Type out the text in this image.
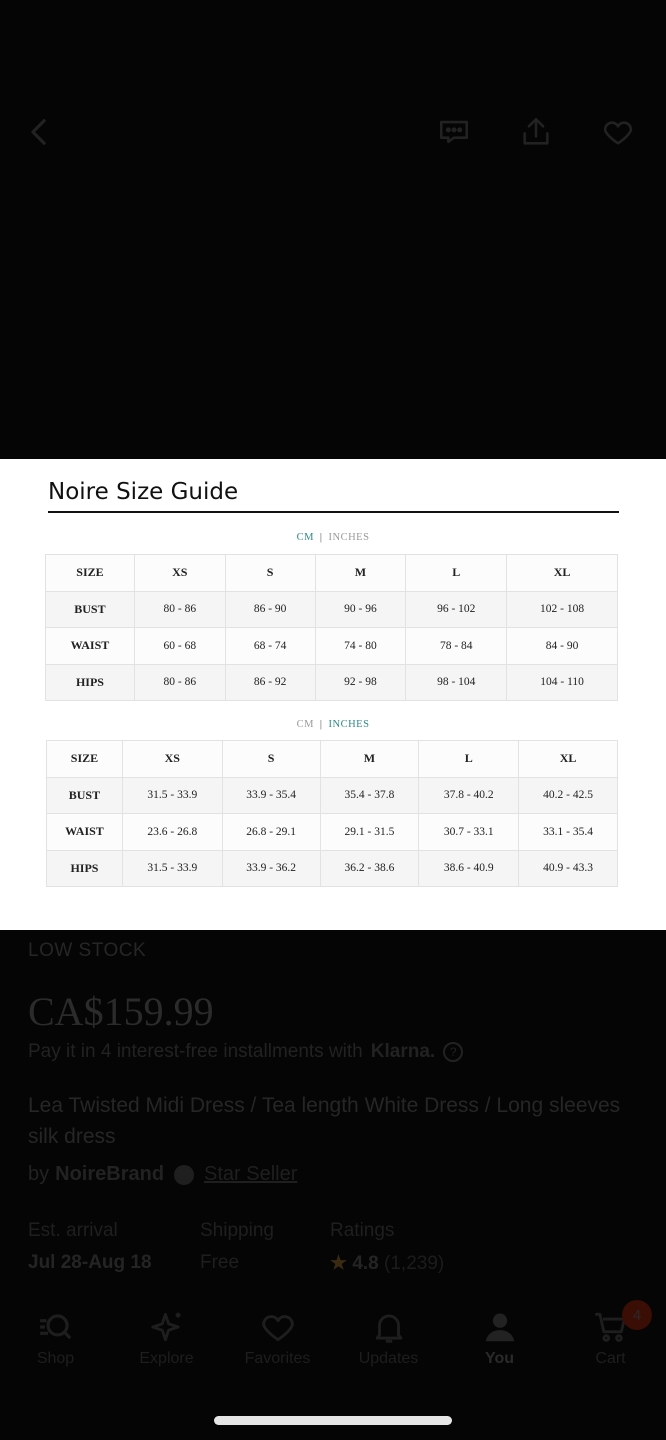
Noire Size Guide
CM | INCHES
SIZE	XS	S	M	L	XL
BUST	80 - 86	86 - 90	90 - 96	96 - 102	102 - 108
WAIST	60 - 68	68 - 74	74 - 80	78 - 84	84 - 90
HIPS	80 - 86	86 - 92	92 - 98	98 - 104	104 - 110
CM | INCHES
SIZE	XS	S	M	L	XL
BUST	31.5 - 33.9	33.9 - 35.4	35.4 - 37.8	37.8 - 40.2	40.2 - 42.5
WAIST	23.6 - 26.8	26.8 - 29.1	29.1 - 31.5	30.7 - 33.1	33.1 - 35.4
HIPS	31.5 - 33.9	33.9 - 36.2	36.2 - 38.6	38.6 - 40.9	40.9 - 43.3
LOW STOCK
CA$159.99
Pay it in 4 interest-free installments with Klarna.	?
Lea Twisted Midi Dress / Tea length White Dress / Long sleeves silk dress
by NoireBrand Star Seller
Est. arrival
Jul 28-Aug 18
Shipping
Free
Ratings
★ 4.8 (1,239)
Shop	Explore	Favorites	Updates	You	Cart
4
